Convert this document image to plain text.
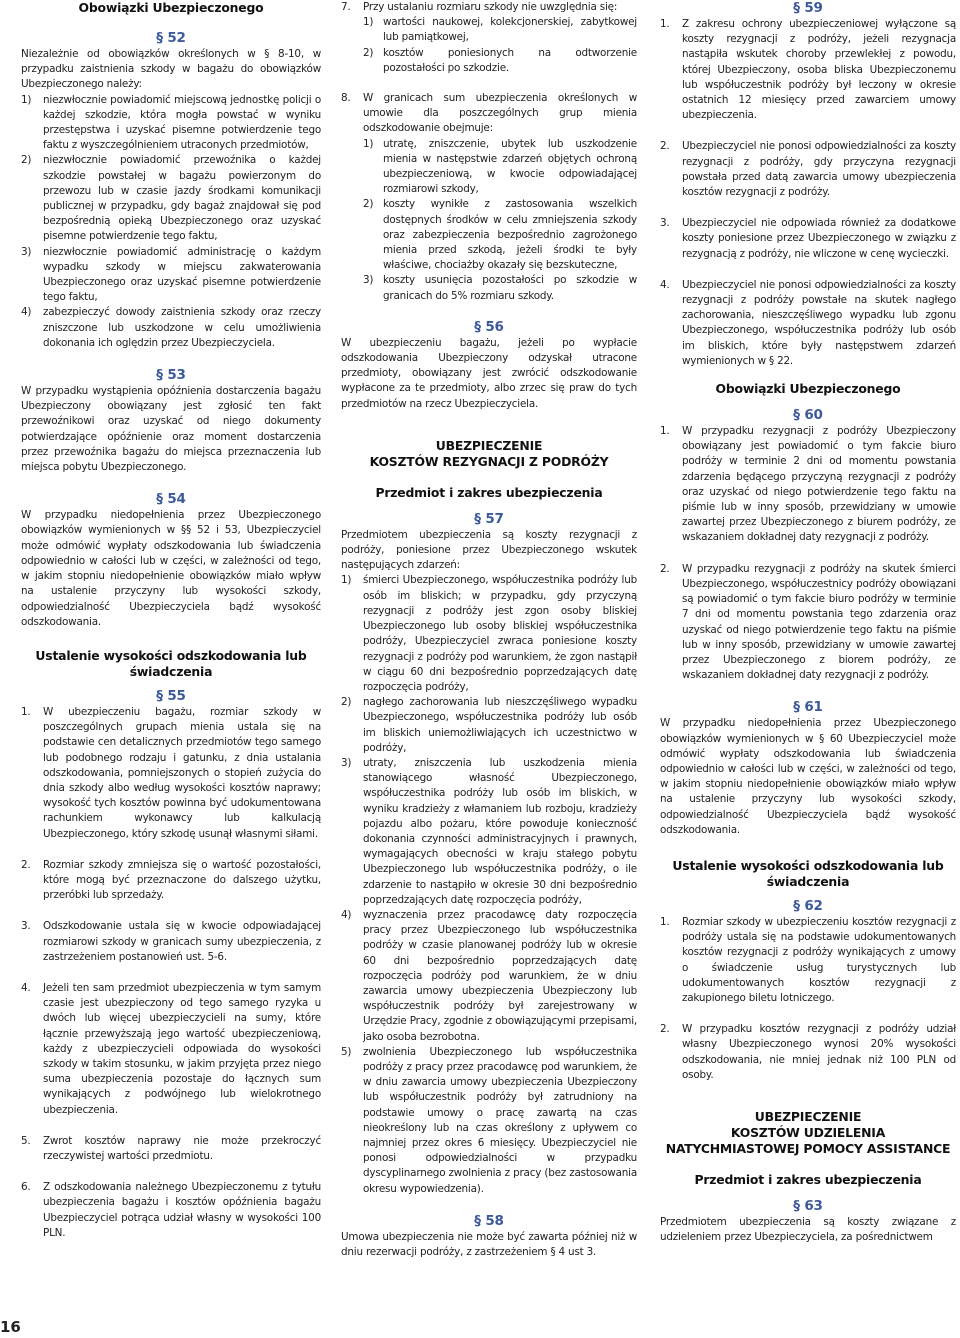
Obowiązki Ubezpieczonego
§ 52
Niezależnie od obowiązków określonych w § 8-10, w przypadku zaistnienia szkody w bagażu do obowiązków Ubezpieczonego należy:
1)	niezwłocznie powiadomić miejscową jednostkę policji o każdej szkodzie, która mogła powstać w wyniku przestępstwa i uzyskać pisemne potwierdzenie tego faktu z wyszczególnieniem utraconych przedmiotów,
2)	niezwłocznie powiadomić przewoźnika o każdej szkodzie powstałej w bagażu powierzonym do przewozu lub w czasie jazdy środkami komunikacji publicznej w przypadku, gdy bagaż znajdował się pod bezpośrednią opieką Ubezpieczonego oraz uzyskać pisemne potwierdzenie tego faktu,
3)	niezwłocznie powiadomić administrację o każdym wypadku szkody w miejscu zakwaterowania Ubezpieczonego oraz uzyskać pisemne potwierdzenie tego faktu,
4)	zabezpieczyć dowody zaistnienia szkody oraz rzeczy zniszczone lub uszkodzone w celu umożliwienia dokonania ich oględzin przez Ubezpieczyciela.
§ 53
W przypadku wystąpienia opóźnienia dostarczenia bagażu Ubezpieczony obowiązany jest zgłosić ten fakt przewoźnikowi oraz uzyskać od niego dokumenty potwierdzające opóźnienie oraz moment dostarczenia przez przewoźnika bagażu do miejsca przeznaczenia lub miejsca pobytu Ubezpieczonego.
§ 54
W przypadku niedopełnienia przez Ubezpieczonego obowiązków wymienionych w §§ 52 i 53, Ubezpieczyciel może odmówić wypłaty odszkodowania lub świadczenia odpowiednio w całości lub w części, w zależności od tego, w jakim stopniu niedopełnienie obowiązków miało wpływ na ustalenie przyczyny lub wysokości szkody, odpowiedzialność Ubezpieczyciela bądź wysokość odszkodowania.
Ustalenie wysokości odszkodowania lub świadczenia
§ 55
1.	W ubezpieczeniu bagażu, rozmiar szkody w poszczególnych grupach mienia ustala się na podstawie cen detalicznych przedmiotów tego samego lub podobnego rodzaju i gatunku, z dnia ustalania odszkodowania, pomniejszonych o stopień zużycia do dnia szkody albo według wysokości kosztów naprawy; wysokość tych kosztów powinna być udokumentowana rachunkiem wykonawcy lub kalkulacją Ubezpieczonego, który szkodę usunął własnymi siłami.
2.	Rozmiar szkody zmniejsza się o wartość pozostałości, które mogą być przeznaczone do dalszego użytku, przeróbki lub sprzedaży.
3.	Odszkodowanie ustala się w kwocie odpowiadającej rozmiarowi szkody w granicach sumy ubezpieczenia, z zastrzeżeniem postanowień ust. 5-6.
4.	Jeżeli ten sam przedmiot ubezpieczenia w tym samym czasie jest ubezpieczony od tego samego ryzyka u dwóch lub więcej ubezpieczycieli na sumy, które łącznie przewyższają jego wartość ubezpieczeniową, każdy z ubezpieczycieli odpowiada do wysokości szkody w takim stosunku, w jakim przyjęta przez niego suma ubezpieczenia pozostaje do łącznych sum wynikających z podwójnego lub wielokrotnego ubezpieczenia.
5.	Zwrot kosztów naprawy nie może przekroczyć rzeczywistej wartości przedmiotu.
6.	Z odszkodowania należnego Ubezpieczonemu z tytułu ubezpieczenia bagażu i kosztów opóźnienia bagażu Ubezpieczyciel potrąca udział własny w wysokości 100 PLN.
7.	Przy ustalaniu rozmiaru szkody nie uwzględnia się:
1) wartości naukowej, kolekcjonerskiej, zabytkowej lub pamiątkowej,
2) kosztów poniesionych na odtworzenie pozostałości po szkodzie.
8.	W granicach sum ubezpieczenia określonych w umowie dla poszczególnych grup mienia odszkodowanie obejmuje:
1) utratę, zniszczenie, ubytek lub uszkodzenie mienia w następstwie zdarzeń objętych ochroną ubezpieczeniową, w kwocie odpowiadającej rozmiarowi szkody,
2) koszty wynikłe z zastosowania wszelkich dostępnych środków w celu zmniejszenia szkody oraz zabezpieczenia bezpośrednio zagrożonego mienia przed szkodą, jeżeli środki te były właściwe, chociażby okazały się bezskuteczne,
3) koszty usunięcia pozostałości po szkodzie w granicach do 5% rozmiaru szkody.
§ 56
W ubezpieczeniu bagażu, jeżeli po wypłacie odszkodowania Ubezpieczony odzyskał utracone przedmioty, obowiązany jest zwrócić odszkodowanie wypłacone za te przedmioty, albo zrzec się praw do tych przedmiotów na rzecz Ubezpieczyciela.
UBEZPIECZENIE
KOSZTÓW REZYGNACJI Z PODRÓŻY
Przedmiot i zakres ubezpieczenia
§ 57
Przedmiotem ubezpieczenia są koszty rezygnacji z podróży, poniesione przez Ubezpieczonego wskutek następujących zdarzeń:
1)	śmierci Ubezpieczonego, współuczestnika podróży lub osób im bliskich; w przypadku, gdy przyczyną rezygnacji z podróży jest zgon osoby bliskiej Ubezpieczonego lub osoby bliskiej współuczestnika podróży, Ubezpieczyciel zwraca poniesione koszty rezygnacji z podróży pod warunkiem, że zgon nastąpił w ciągu 60 dni bezpośrednio poprzedzających datę rozpoczęcia podróży,
2)	nagłego zachorowania lub nieszczęśliwego wypadku Ubezpieczonego, współuczestnika podróży lub osób im bliskich uniemożliwiających ich uczestnictwo w podróży,
3)	utraty, zniszczenia lub uszkodzenia mienia stanowiącego własność Ubezpieczonego, współuczestnika podróży lub osób im bliskich, w wyniku kradzieży z włamaniem lub rozboju, kradzieży pojazdu albo pożaru, które powoduje konieczność dokonania czynności administracyjnych i prawnych, wymagających obecności w kraju stałego pobytu Ubezpieczonego lub współuczestnika podróży, o ile zdarzenie to nastąpiło w okresie 30 dni bezpośrednio poprzedzających datę rozpoczęcia podróży,
4)	wyznaczenia przez pracodawcę daty rozpoczęcia pracy przez Ubezpieczonego lub współuczestnika podróży w czasie planowanej podróży lub w okresie 60 dni bezpośrednio poprzedzających datę rozpoczęcia podróży pod warunkiem, że w dniu zawarcia umowy ubezpieczenia Ubezpieczony lub współuczestnik podróży był zarejestrowany w Urzędzie Pracy, zgodnie z obowiązującymi przepisami, jako osoba bezrobotna.
5)	zwolnienia Ubezpieczonego lub współuczestnika podróży z pracy przez pracodawcę pod warunkiem, że w dniu zawarcia umowy ubezpieczenia Ubezpieczony lub współuczestnik podróży był zatrudniony na podstawie umowy o pracę zawartą na czas nieokreślony lub na czas określony z upływem co najmniej przez okres 6 miesięcy. Ubezpieczyciel nie ponosi odpowiedzialności w przypadku dyscyplinarnego zwolnienia z pracy (bez zastosowania okresu wypowiedzenia).
§ 58
Umowa ubezpieczenia nie może być zawarta później niż w dniu rezerwacji podróży, z zastrzeżeniem § 4 ust 3.
§ 59
1.	Z zakresu ochrony ubezpieczeniowej wyłączone są koszty rezygnacji z podróży, jeżeli rezygnacja nastąpiła wskutek choroby przewlekłej z powodu, której Ubezpieczony, osoba bliska Ubezpieczonemu lub współuczestnik podróży był leczony w okresie ostatnich 12 miesięcy przed zawarciem umowy ubezpieczenia.
2.	Ubezpieczyciel nie ponosi odpowiedzialności za koszty rezygnacji z podróży, gdy przyczyna rezygnacji powstała przed datą zawarcia umowy ubezpieczenia kosztów rezygnacji z podróży.
3.	Ubezpieczyciel nie odpowiada również za dodatkowe koszty poniesione przez Ubezpieczonego w związku z rezygnacją z podróży, nie wliczone w cenę wycieczki.
4.	Ubezpieczyciel nie ponosi odpowiedzialności za koszty rezygnacji z podróży powstałe na skutek nagłego zachorowania, nieszczęśliwego wypadku lub zgonu Ubezpieczonego, współuczestnika podróży lub osób im bliskich, które były następstwem zdarzeń wymienionych w § 22.
Obowiązki Ubezpieczonego
§ 60
1.	W przypadku rezygnacji z podróży Ubezpieczony obowiązany jest powiadomić o tym fakcie biuro podróży w terminie 2 dni od momentu powstania zdarzenia będącego przyczyną rezygnacji z podróży oraz uzyskać od niego potwierdzenie tego faktu na piśmie lub w inny sposób, przewidziany w umowie zawartej przez Ubezpieczonego z biurem podróży, ze wskazaniem dokładnej daty rezygnacji z podróży.
2.	W przypadku rezygnacji z podróży na skutek śmierci Ubezpieczonego, współuczestnicy podróży obowiązani są powiadomić o tym fakcie biuro podróży w terminie 7 dni od momentu powstania tego zdarzenia oraz uzyskać od niego potwierdzenie tego faktu na piśmie lub w inny sposób, przewidziany w umowie zawartej przez Ubezpieczonego z biorem podróży, ze wskazaniem dokładnej daty rezygnacji z podróży.
§ 61
W przypadku niedopełnienia przez Ubezpieczonego obowiązków wymienionych w § 60 Ubezpieczyciel może odmówić wypłaty odszkodowania lub świadczenia odpowiednio w całości lub w części, w zależności od tego, w jakim stopniu niedopełnienie obowiązków miało wpływ na ustalenie przyczyny lub wysokości szkody, odpowiedzialność Ubezpieczyciela bądź wysokość odszkodowania.
Ustalenie wysokości odszkodowania lub świadczenia
§ 62
1.	Rozmiar szkody w ubezpieczeniu kosztów rezygnacji z podróży ustala się na podstawie udokumentowanych kosztów rezygnacji z podróży wynikających z umowy o świadczenie usług turystycznych lub udokumentowanych kosztów rezygnacji z zakupionego biletu lotniczego.
2.	W przypadku kosztów rezygnacji z podróży udział własny Ubezpieczonego wynosi 20% wysokości odszkodowania, nie mniej jednak niż 100 PLN od osoby.
UBEZPIECZENIE
KOSZTÓW UDZIELENIA
NATYCHMIASTOWEJ POMOCY ASSISTANCE
Przedmiot i zakres ubezpieczenia
§ 63
Przedmiotem ubezpieczenia są koszty związane z udzieleniem przez Ubezpieczyciela, za pośrednictwem
16
